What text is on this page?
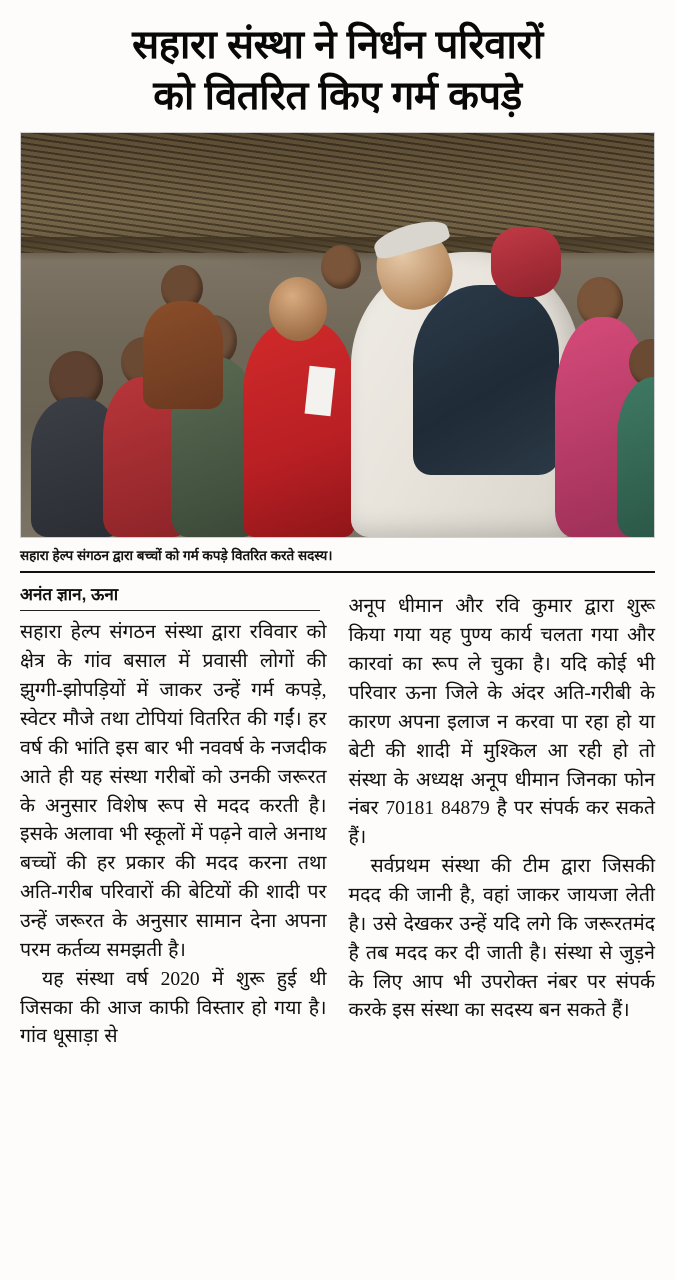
सहारा संस्था ने निर्धन परिवारों
को वितरित किए गर्म कपड़े
सहारा हेल्प संगठन द्वारा बच्चों को गर्म कपड़े वितरित करते सदस्य।
अनंत ज्ञान, ऊना

सहारा हेल्प संगठन संस्था द्वारा रविवार को क्षेत्र के गांव बसाल में प्रवासी लोगों की झुग्गी-झोपड़ियों में जाकर उन्हें गर्म कपड़े, स्वेटर मौजे तथा टोपियां वितरित की गईं। हर वर्ष की भांति इस बार भी नववर्ष के नजदीक आते ही यह संस्था गरीबों को उनकी जरूरत के अनुसार विशेष रूप से मदद करती है। इसके अलावा भी स्कूलों में पढ़ने वाले अनाथ बच्चों की हर प्रकार की मदद करना तथा अति-गरीब परिवारों की बेटियों की शादी पर उन्हें जरूरत के अनुसार सामान देना अपना परम कर्तव्य समझती है।

यह संस्था वर्ष 2020 में शुरू हुई थी जिसका की आज काफी विस्तार हो गया है। गांव धूसाड़ा से

अनूप धीमान और रवि कुमार द्वारा शुरू किया गया यह पुण्य कार्य चलता गया और कारवां का रूप ले चुका है। यदि कोई भी परिवार ऊना जिले के अंदर अति-गरीबी के कारण अपना इलाज न करवा पा रहा हो या बेटी की शादी में मुश्किल आ रही हो तो संस्था के अध्यक्ष अनूप धीमान जिनका फोन नंबर 70181 84879 है पर संपर्क कर सकते हैं।

सर्वप्रथम संस्था की टीम द्वारा जिसकी मदद की जानी है, वहां जाकर जायजा लेती है। उसे देखकर उन्हें यदि लगे कि जरूरतमंद है तब मदद कर दी जाती है। संस्था से जुड़ने के लिए आप भी उपरोक्त नंबर पर संपर्क करके इस संस्था का सदस्य बन सकते हैं।
